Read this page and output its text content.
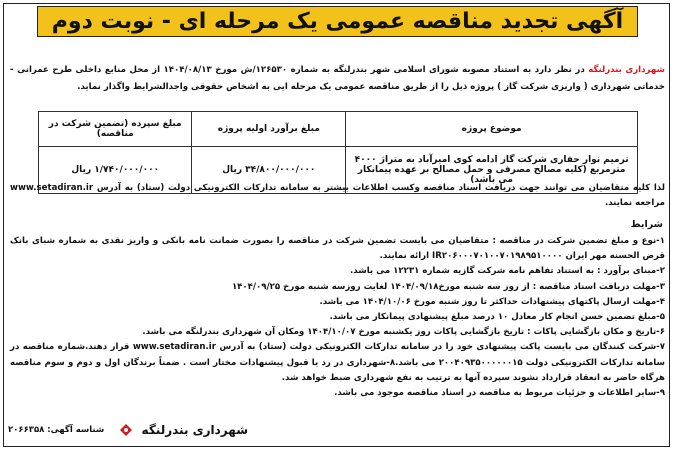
آگهی تجدید مناقصه عمومی یک مرحله ای - نوبت دوم
شهرداری بندرلنگه در نظر دارد به استناد مصوبه شورای اسلامی شهر بندرلنگه به شماره ۱۲۶۵۳۰/ش مورخ ۱۴۰۴/۰۸/۱۳ از محل منابع داخلی طرح عمرانی - خدماتی شهرداری ( واریزی شرکت گاز ) پروژه ذیل را از طریق مناقصه عمومی یک مرحله ایی به اشخاص حقوقی واجدالشرایط واگذار نماید.
موضوع پروژه	مبلغ برآورد اولیه پروژه	مبلغ سپرده (تضمین شرکت در مناقصه)
ترمیم نوار حفاری شرکت گاز ادامه کوی امیرآباد به متراژ ۴۰۰۰ مترمربع (کلیه مصالح مصرفی و حمل مصالح بر عهده پیمانکار می باشد)	۳۴/۸۰۰/۰۰۰/۰۰۰ ریال	۱/۷۴۰/۰۰۰/۰۰۰ ریال
لذا کلیه متقاضیان می توانند جهت دریافت اسناد مناقصه وکسب اطلاعات بیشتر به سامانه تدارکات الکترونیکی دولت (ستاد) به آدرس www.setadiran.ir مراجعه نمایند.
شرایط

۱-نوع و مبلغ تضمین شرکت در مناقصه : متقاضیان می بایست تضمین شرکت در مناقصه را بصورت ضمانت نامه بانکی و واریز نقدی به شماره شبای بانک قرض الحسنه مهر ایران IR۲۰۶۰۰۰۷۰۱۰۰۷۰۱۹۸۹۵۱۰۰۰۰ ارائه نمایند.

۲-مبنای برآورد : به استناد تفاهم نامه شرکت گازیه شماره ۱۲۲۳۱ می باشد.

۳-مهلت دریافت اسناد مناقصه : از روز سه شنبه مورخ۱۴۰۴/۰۹/۱۸ لغایت روزسه شنبه مورخ ۱۴۰۴/۰۹/۲۵

۴-مهلت ارسال پاکتهای پیشنهادات حداکثر تا روز شنبه مورخ ۱۴۰۴/۱۰/۰۶ می باشد.

۵-مبلغ تضمین حسن انجام کار معادل ۱۰ درصد مبلغ پیشنهادی پیمانکار می باشد.

۶-تاریخ و مکان بازگشایی پاکات : تاریخ بازگشایی پاکات روز یکشنبه مورخ ۱۴۰۴/۱۰/۰۷ ومکان آن شهرداری بندرلنگه می باشد.

۷-شرکت کنندگان می بایست پاکت پیشنهادی خود را در سامانه تدارکات الکترونیکی دولت (ستاد) به آدرس www.setadiran.ir قرار دهند.شماره مناقصه در سامانه تدارکات الکترونیکی دولت ۲۰۰۴۰۹۳۵۰۰۰۰۰۰۱۵ می باشد.۸-شهرداری در رد یا قبول پیشنهادات مختار است . ضمناً برندگان اول و دوم و سوم مناقصه هرگاه حاضر به انعقاد قرارداد نشوند سپرده آنها به ترتیب به نفع شهرداری ضبط خواهد شد.

۹-سایر اطلاعات و جزئیات مربوط به مناقصه در اسناد مناقصه موجود می باشد.

شهرداری بندرلنگه
شناسه آگهی: ۲۰۶۶۳۵۸
